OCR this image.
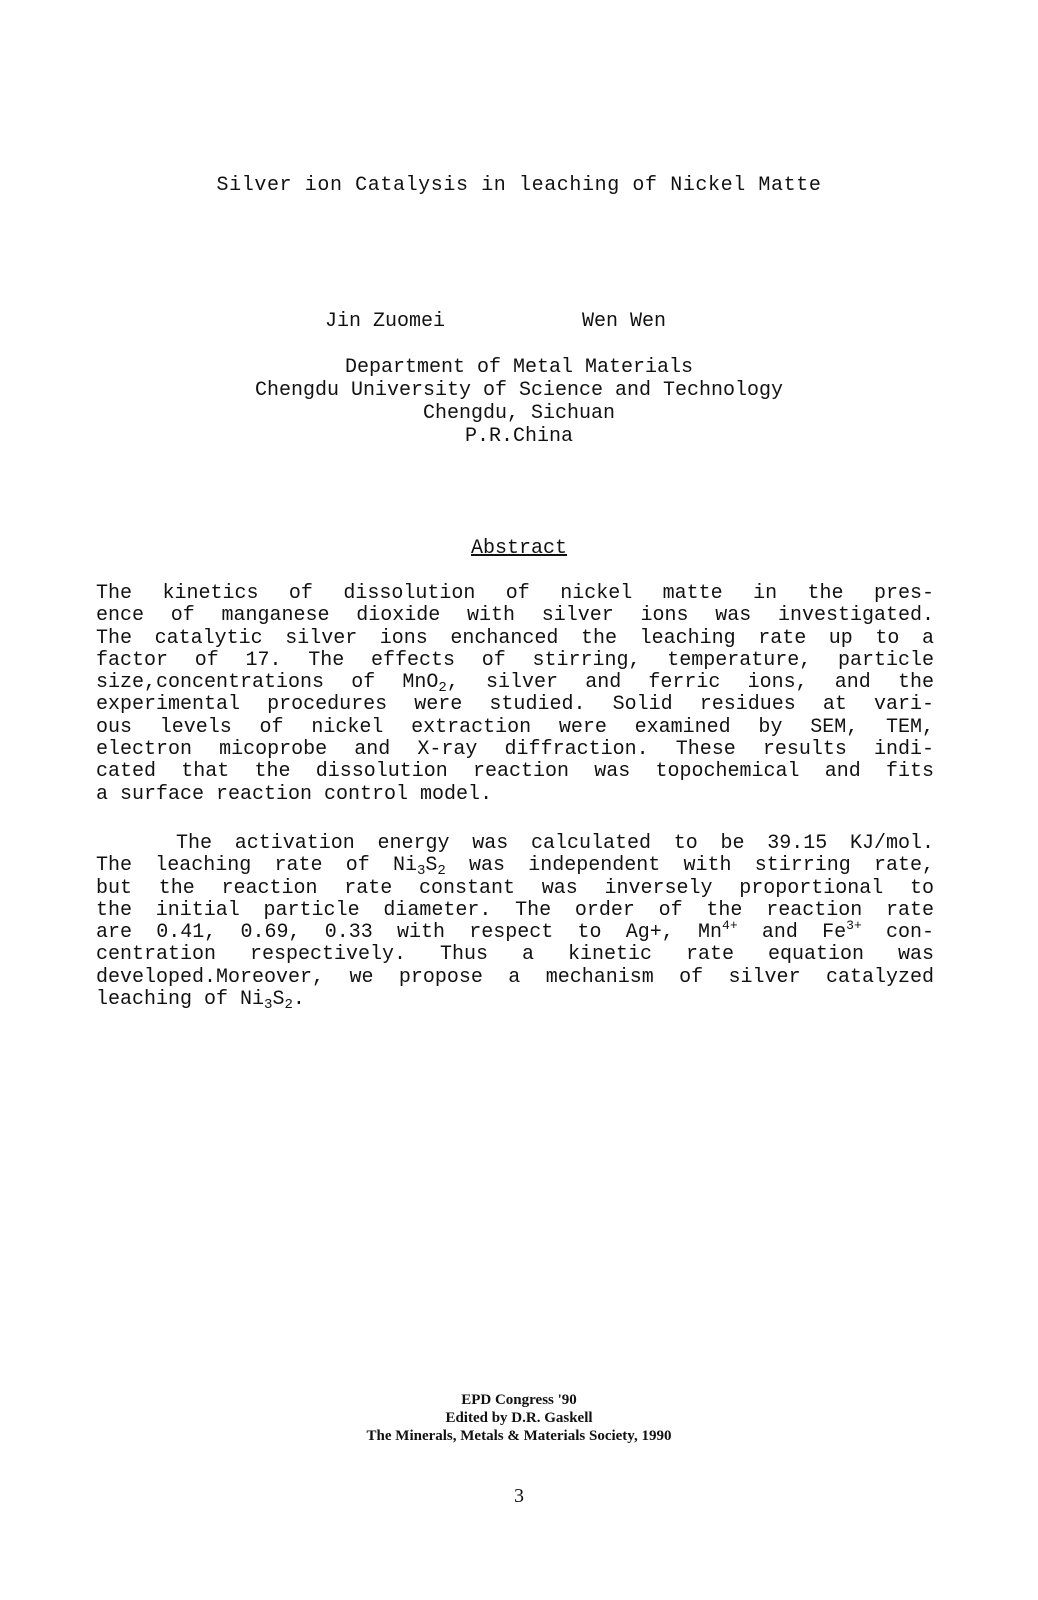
Silver ion Catalysis in leaching of Nickel Matte
Jin Zuomei	Wen Wen
Department of Metal Materials
Chengdu University of Science and Technology
Chengdu, Sichuan
P.R.China
Abstract
The kinetics of dissolution of nickel matte in the pres-
ence of manganese dioxide with silver ions was investigated.
The catalytic silver ions enchanced the leaching rate up to a
factor of 17. The effects of stirring, temperature, particle
size,concentrations of MnO$_2$, silver and ferric ions, and the
experimental procedures were studied. Solid residues at vari-
ous levels of nickel extraction were examined by SEM, TEM,
electron micoprobe and X-ray diffraction. These results indi-
cated that the dissolution reaction was topochemical and fits
a surface reaction control model.
The activation energy was calculated to be 39.15 KJ/mol.
The leaching rate of $Ni_3S_2$ was independent with stirring rate,
but the reaction rate constant was inversely proportional to
the initial particle diameter. The order of the reaction rate
are 0.41, 0.69, 0.33 with respect to Ag+, $Mn^{4+}$ and $Fe^{3+}$ con-
centration respectively. Thus a kinetic rate equation was
developed.Moreover, we propose a mechanism of silver catalyzed
leaching of $Ni_3S_2$.
EPD Congress '90
Edited by D.R. Gaskell
The Minerals, Metals & Materials Society, 1990
3
